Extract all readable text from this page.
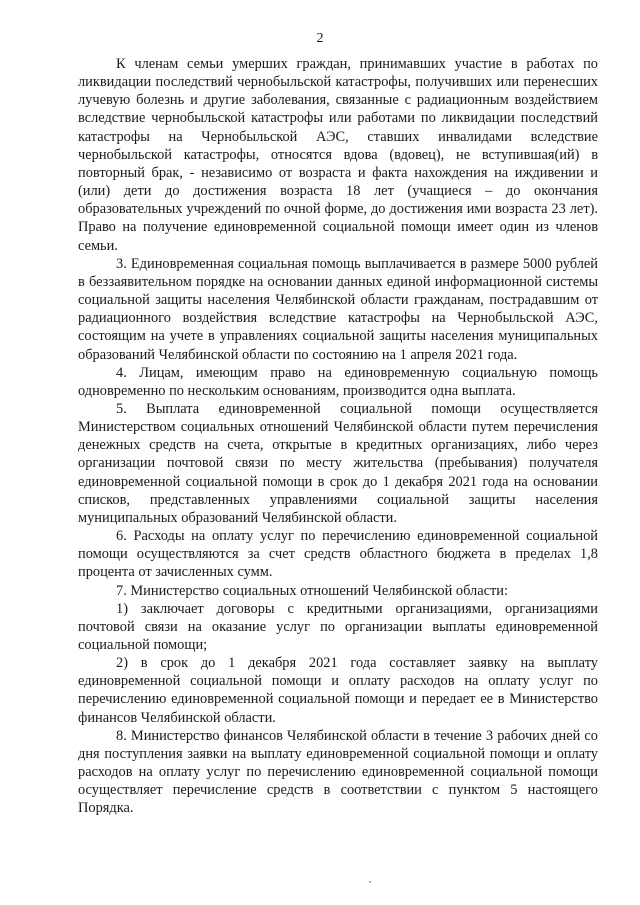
2

К членам семьи умерших граждан, принимавших участие в работах по ликвидации последствий чернобыльской катастрофы, получивших или перенесших лучевую болезнь и другие заболевания, связанные с радиационным воздействием вследствие чернобыльской катастрофы или работами по ликвидации последствий катастрофы на Чернобыльской АЭС, ставших инвалидами вследствие чернобыльской катастрофы, относятся вдова (вдовец), не вступившая(ий) в повторный брак, - независимо от возраста и факта нахождения на иждивении и (или) дети до достижения возраста 18 лет (учащиеся – до окончания образовательных учреждений по очной форме, до достижения ими возраста 23 лет). Право на получение единовременной социальной помощи имеет один из членов семьи.

3. Единовременная социальная помощь выплачивается в размере 5000 рублей в беззаявительном порядке на основании данных единой информационной системы социальной защиты населения Челябинской области гражданам, пострадавшим от радиационного воздействия вследствие катастрофы на Чернобыльской АЭС, состоящим на учете в управлениях социальной защиты населения муниципальных образований Челябинской области по состоянию на 1 апреля 2021 года.

4. Лицам, имеющим право на единовременную социальную помощь одновременно по нескольким основаниям, производится одна выплата.

5. Выплата единовременной социальной помощи осуществляется Министерством социальных отношений Челябинской области путем перечисления денежных средств на счета, открытые в кредитных организациях, либо через организации почтовой связи по месту жительства (пребывания) получателя единовременной социальной помощи в срок до 1 декабря 2021 года на основании списков, представленных управлениями социальной защиты населения муниципальных образований Челябинской области.

6. Расходы на оплату услуг по перечислению единовременной социальной помощи осуществляются за счет средств областного бюджета в пределах 1,8 процента от зачисленных сумм.

7. Министерство социальных отношений Челябинской области:

1) заключает договоры с кредитными организациями, организациями почтовой связи на оказание услуг по организации выплаты единовременной социальной помощи;

2) в срок до 1 декабря 2021 года составляет заявку на выплату единовременной социальной помощи и оплату расходов на оплату услуг по перечислению единовременной социальной помощи и передает ее в Министерство финансов Челябинской области.

8. Министерство финансов Челябинской области в течение 3 рабочих дней со дня поступления заявки на выплату единовременной социальной помощи и оплату расходов на оплату услуг по перечислению единовременной социальной помощи осуществляет перечисление средств в соответствии с пунктом 5 настоящего Порядка.
